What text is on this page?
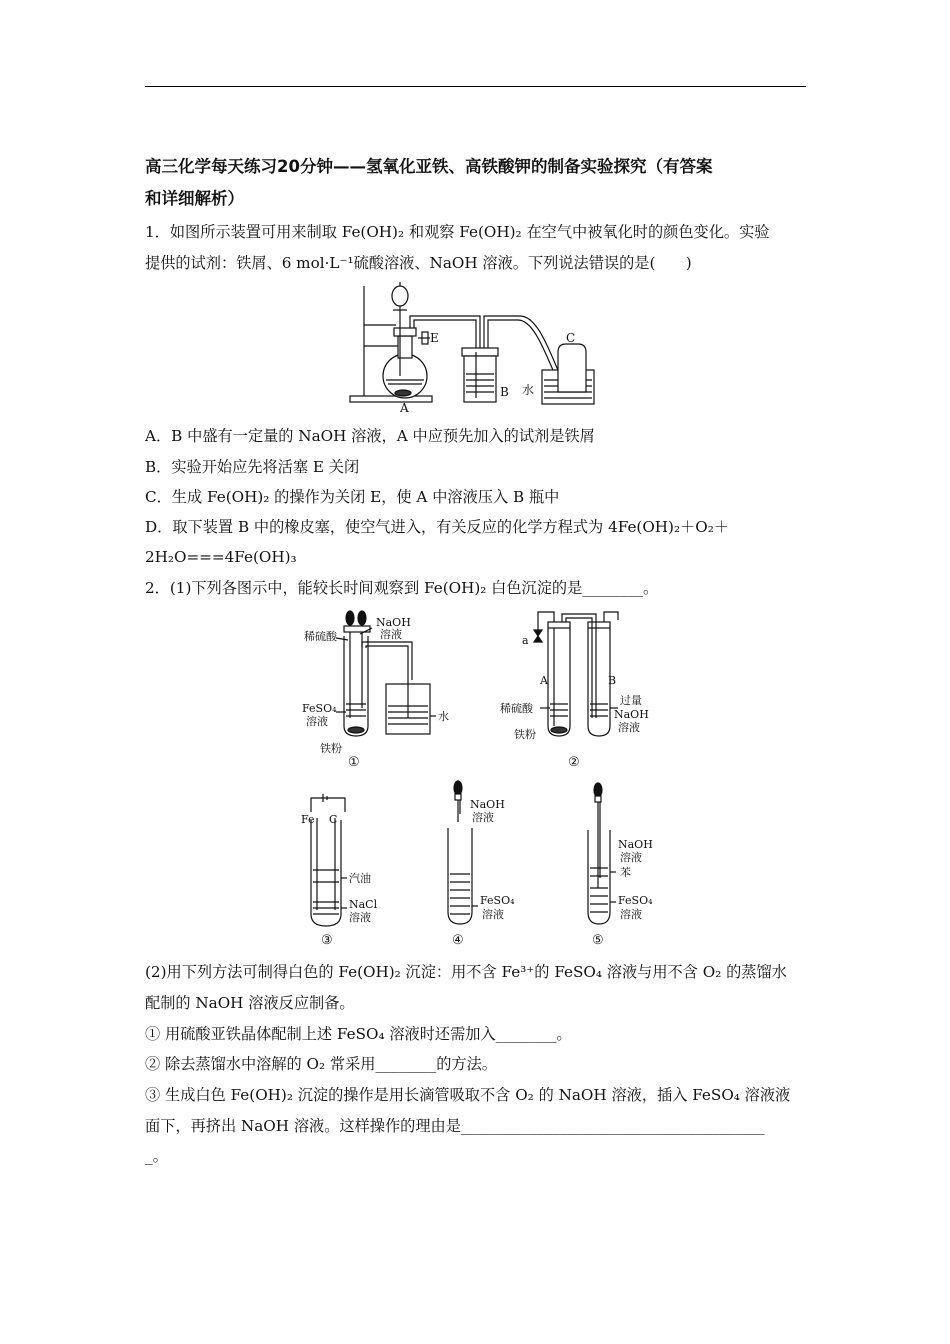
高三化学每天练习20分钟——氢氧化亚铁、高铁酸钾的制备实验探究（有答案
和详细解析）
1．如图所示装置可用来制取 Fe(OH)₂ 和观察 Fe(OH)₂ 在空气中被氧化时的颜色变化。实验
提供的试剂：铁屑、6 mol·L⁻¹硫酸溶液、NaOH 溶液。下列说法错误的是(　　)
E
A
B
C
水
A．B 中盛有一定量的 NaOH 溶液，A 中应预先加入的试剂是铁屑
B．实验开始应先将活塞 E 关闭
C．生成 Fe(OH)₂ 的操作为关闭 E，使 A 中溶液压入 B 瓶中
D．取下装置 B 中的橡皮塞，使空气进入，有关反应的化学方程式为 4Fe(OH)₂＋O₂＋
2H₂O===4Fe(OH)₃
2．(1)下列各图示中，能较长时间观察到 Fe(OH)₂ 白色沉淀的是________。
稀硫酸
NaOH
溶液
FeSO₄
溶液	水
铁粉
①
a
A	B
稀硫酸
铁粉
过量
NaOH
溶液
②
Fe C
汽油
NaCl
溶液
③
NaOH
溶液
FeSO₄
溶液
④
NaOH
溶液
苯
FeSO₄
溶液
⑤
(2)用下列方法可制得白色的 Fe(OH)₂ 沉淀：用不含 Fe³⁺的 FeSO₄ 溶液与用不含 O₂ 的蒸馏水
配制的 NaOH 溶液反应制备。
① 用硫酸亚铁晶体配制上述 FeSO₄ 溶液时还需加入________。
② 除去蒸馏水中溶解的 O₂ 常采用________的方法。
③ 生成白色 Fe(OH)₂ 沉淀的操作是用长滴管吸取不含 O₂ 的 NaOH 溶液，插入 FeSO₄ 溶液液
面下，再挤出 NaOH 溶液。这样操作的理由是________________________________________
_。
